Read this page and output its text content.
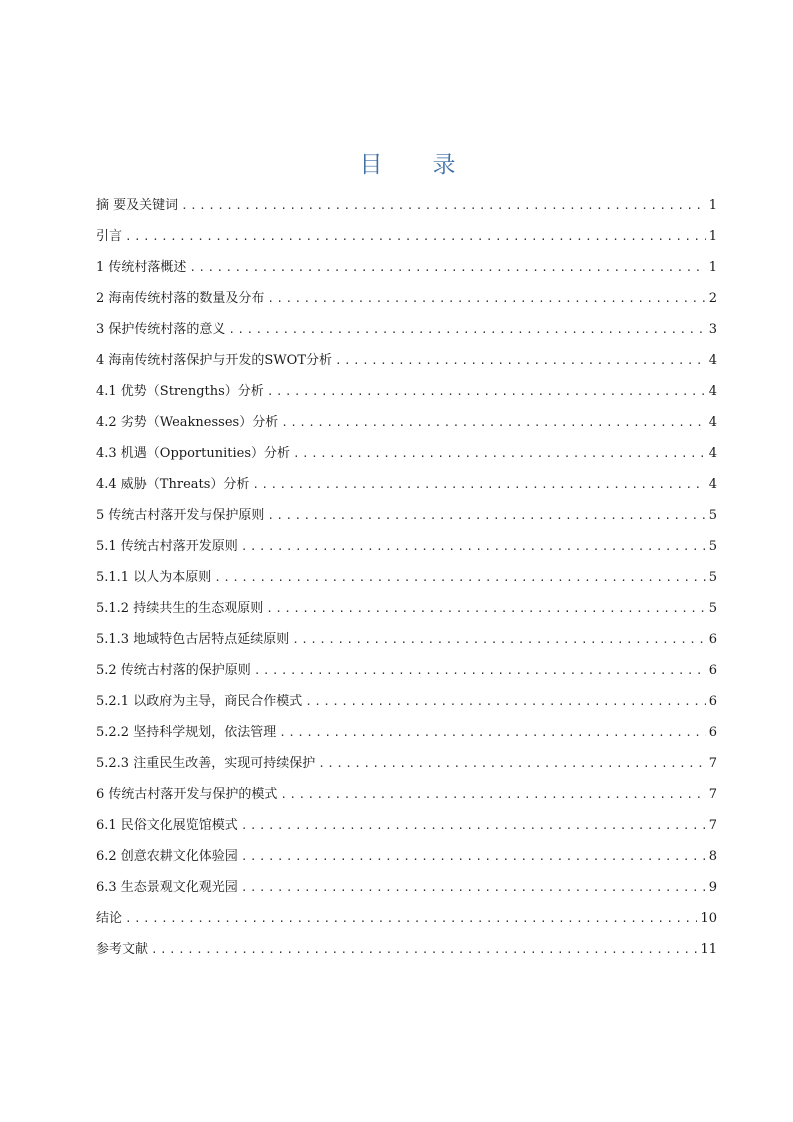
目 录
摘 要及关键词 .....	1
引言 .....	1
1 传统村落概述 .....	1
2 海南传统村落的数量及分布 .....	2
3 保护传统村落的意义 .....	3
4 海南传统村落保护与开发的SWOT分析 .....	4
4.1 优势（Strengths）分析 .....	4
4.2 劣势（Weaknesses）分析 .....	4
4.3 机遇（Opportunities）分析 .....	4
4.4 威胁（Threats）分析 .....	4
5 传统古村落开发与保护原则 .....	5
5.1 传统古村落开发原则 .....	5
5.1.1 以人为本原则 .....	5
5.1.2 持续共生的生态观原则 .....	5
5.1.3 地域特色古居特点延续原则 .....	6
5.2 传统古村落的保护原则 .....	6
5.2.1 以政府为主导，商民合作模式 .....	6
5.2.2 坚持科学规划，依法管理 .....	6
5.2.3 注重民生改善，实现可持续保护 .....	7
6 传统古村落开发与保护的模式 .....	7
6.1 民俗文化展览馆模式 .....	7
6.2 创意农耕文化体验园 .....	8
6.3 生态景观文化观光园 .....	9
结论 .....	10
参考文献 .....	11
